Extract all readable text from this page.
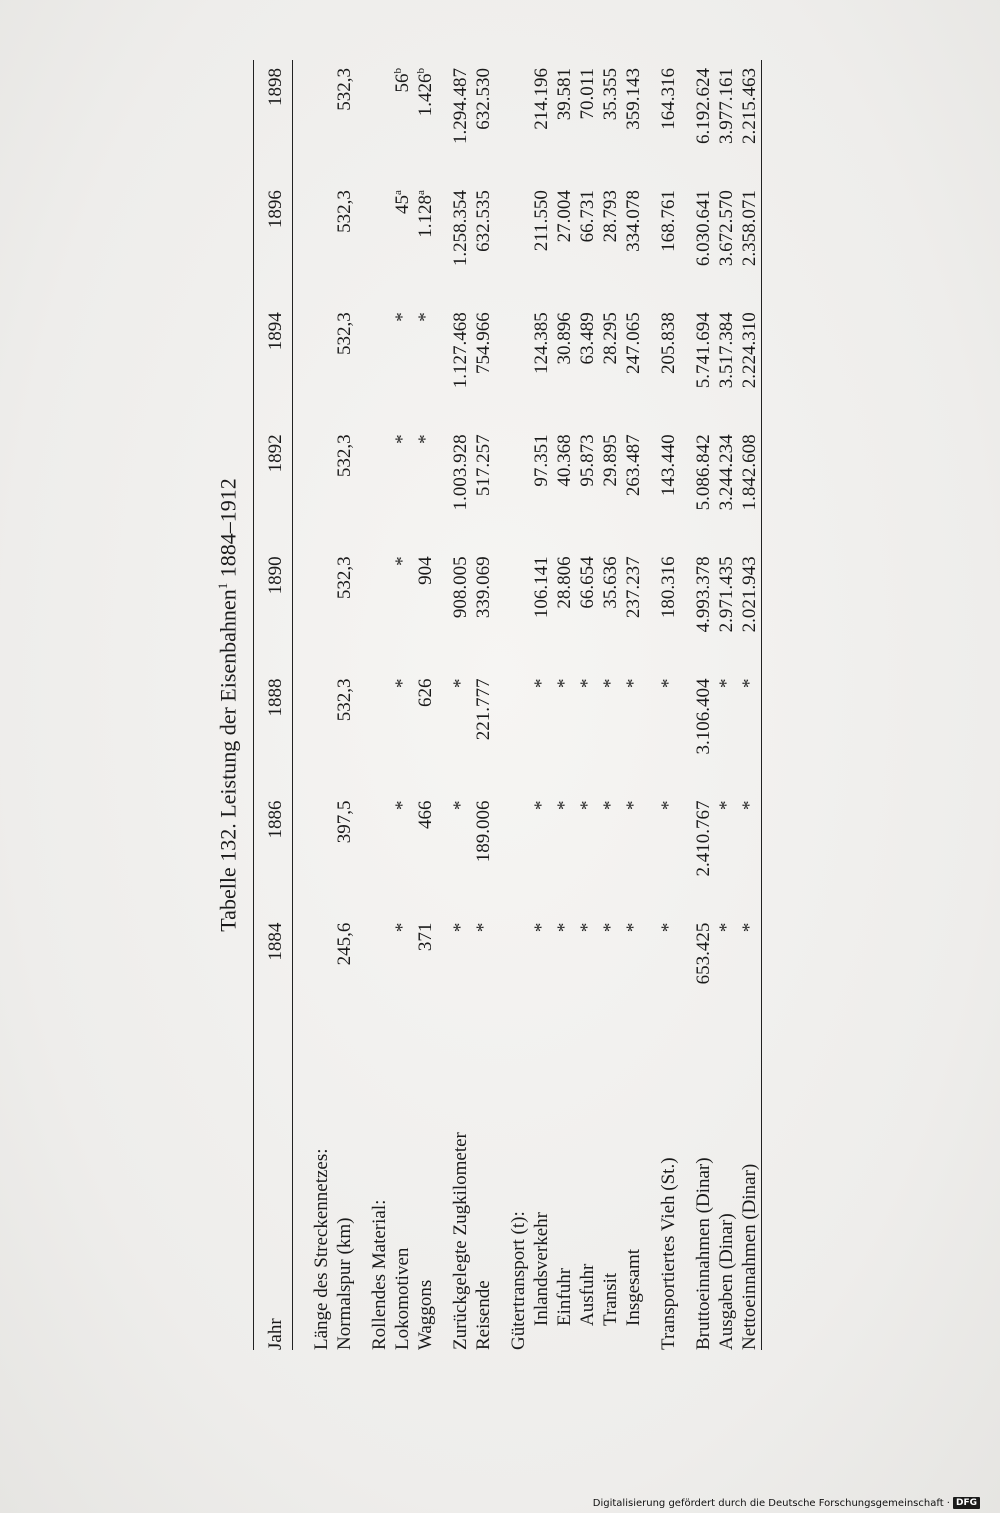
Tabelle 132. Leistung der Eisenbahnen$^1$ 1884–1912
Jahr	1884	1886	1888	1890	1892	1894	1896	1898

Länge des Streckennetzes:								
Normalspur (km)	245,6	397,5	532,3	532,3	532,3	532,3	532,3	532,3

Rollendes Material:								
Lokomotiven	*	*	*	*	*	*	45$^a$	56$^b$
Waggons	371	466	626	904	*	*	1.128$^a$	1.426$^b$

Zurückgelegte Zugkilometer	*	*	*	908.005	1.003.928	1.127.468	1.258.354	1.294.487
Reisende	*	189.006	221.777	339.069	517.257	754.966	632.535	632.530

Gütertransport (t):								
Inlandsverkehr	*	*	*	106.141	97.351	124.385	211.550	214.196
Einfuhr	*	*	*	28.806	40.368	30.896	27.004	39.581
Ausfuhr	*	*	*	66.654	95.873	63.489	66.731	70.011
Transit	*	*	*	35.636	29.895	28.295	28.793	35.355
Insgesamt	*	*	*	237.237	263.487	247.065	334.078	359.143

Transportiertes Vieh (St.)	*	*	*	180.316	143.440	205.838	168.761	164.316

Bruttoeinnahmen (Dinar)	653.425	2.410.767	3.106.404	4.993.378	5.086.842	5.741.694	6.030.641	6.192.624
Ausgaben (Dinar)	*	*	*	2.971.435	3.244.234	3.517.384	3.672.570	3.977.161
Nettoeinnahmen (Dinar)	*	*	*	2.021.943	1.842.608	2.224.310	2.358.071	2.215.463
Digitalisierung gefördert durch die Deutsche Forschungsgemeinschaft · DFG
